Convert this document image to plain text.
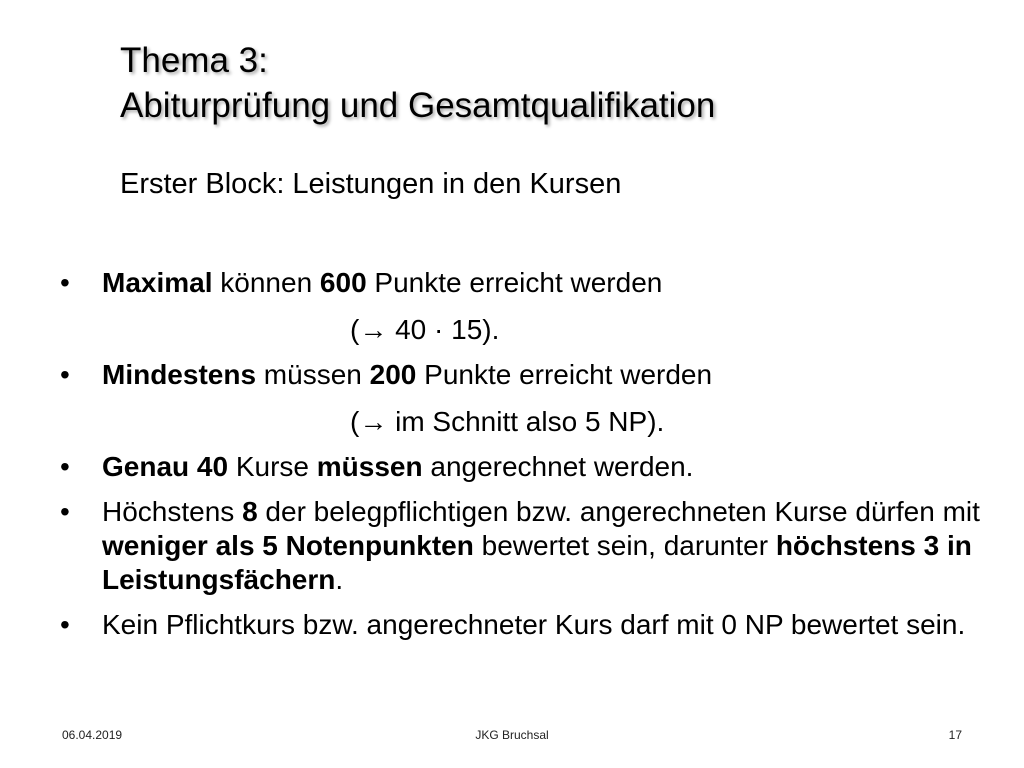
Thema 3:
Abiturprüfung und Gesamtqualifikation

Erster Block: Leistungen in den Kursen

•	Maximal können 600 Punkte erreicht werden
(→ 40 · 15).
•	Mindestens müssen 200 Punkte erreicht werden
(→ im Schnitt also 5 NP).
•	Genau 40 Kurse müssen angerechnet werden.
•	Höchstens 8 der belegpflichtigen bzw. angerechneten Kurse dürfen mit weniger als 5 Notenpunkten bewertet sein, darunter höchstens 3 in Leistungsfächern.
•	Kein Pflichtkurs bzw. angerechneter Kurs darf mit 0 NP bewertet sein.
06.04.2019	JKG Bruchsal	17
